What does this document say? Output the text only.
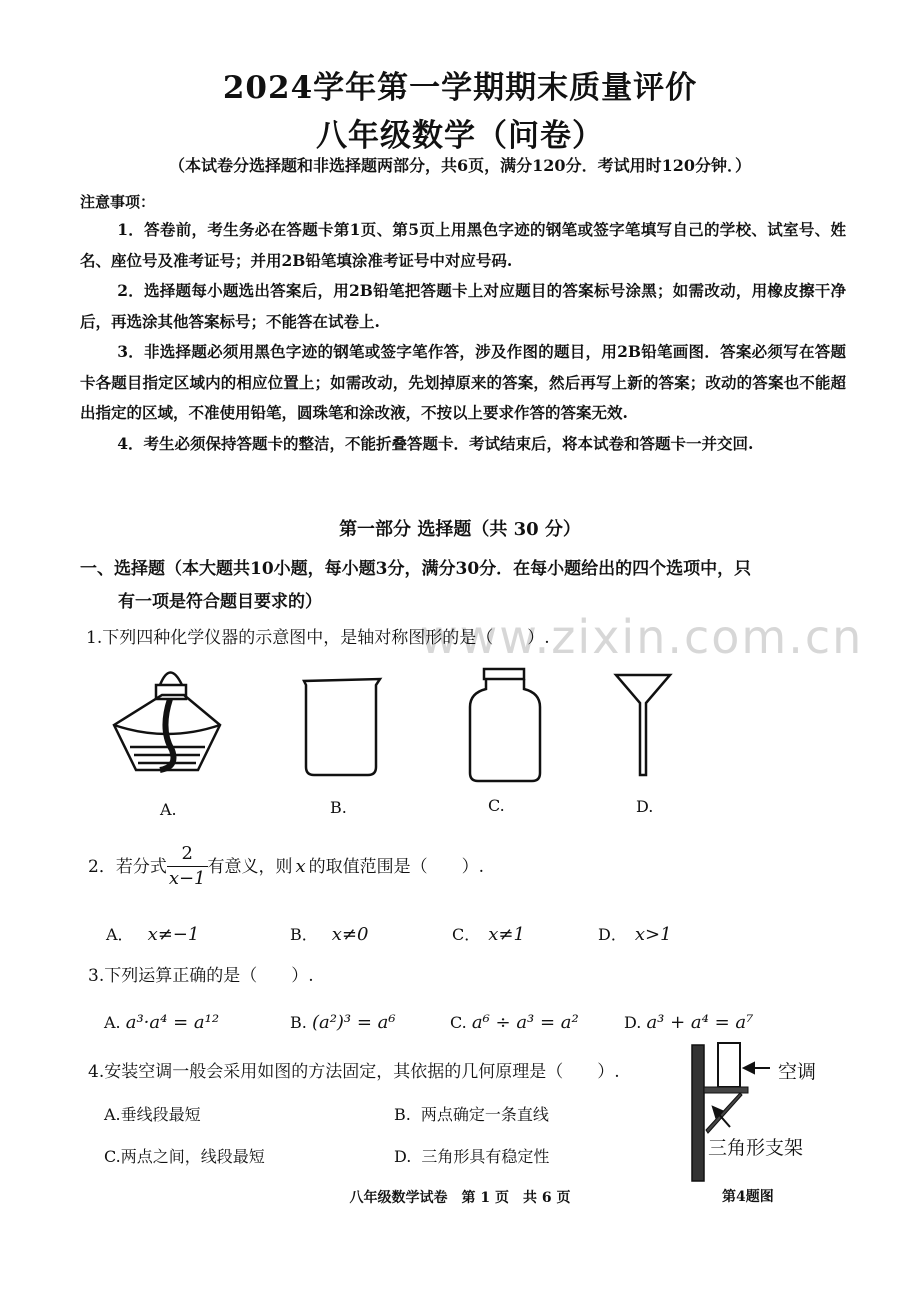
2024学年第一学期期末质量评价
八年级数学（问卷）
（本试卷分选择题和非选择题两部分，共6页，满分120分．考试用时120分钟．）
注意事项：

1．答卷前，考生务必在答题卡第1页、第5页上用黑色字迹的钢笔或签字笔填写自己的学校、试室号、姓名、座位号及准考证号；并用2B铅笔填涂准考证号中对应号码.

2．选择题每小题选出答案后，用2B铅笔把答题卡上对应题目的答案标号涂黑；如需改动，用橡皮擦干净后，再选涂其他答案标号；不能答在试卷上.

3．非选择题必须用黑色字迹的钢笔或签字笔作答，涉及作图的题目，用2B铅笔画图．答案必须写在答题卡各题目指定区域内的相应位置上；如需改动，先划掉原来的答案，然后再写上新的答案；改动的答案也不能超出指定的区域，不准使用铅笔，圆珠笔和涂改液，不按以上要求作答的答案无效.

4．考生必须保持答题卡的整洁，不能折叠答题卡．考试结束后，将本试卷和答题卡一并交回.

第一部分 选择题（共 30 分）
一、选择题（本大题共10小题，每小题3分，满分30分．在每小题给出的四个选项中，只
有一项是符合题目要求的）
www.zixin.com.cn
1.下列四种化学仪器的示意图中，是轴对称图形的是（　　）.
A.	B.	C.	D.
2．若分式 $\frac{2}{x-1}$ 有意义，则 x 的取值范围是（　　）.
A． x≠−1	B． x≠0	C． x≠1	D． x>1
3.下列运算正确的是（　　）.
A. a³·a⁴ = a¹²	B. (a²)³ = a⁶	C. a⁶ ÷ a³ = a²	D. a³ + a⁴ = a⁷
4.安装空调一般会采用如图的方法固定，其依据的几何原理是（　　）.
A.垂线段最短	B. 两点确定一条直线
C.两点之间，线段最短	D. 三角形具有稳定性
空调
三角形支架
第4题图
八年级数学试卷　第 1 页　共 6 页
